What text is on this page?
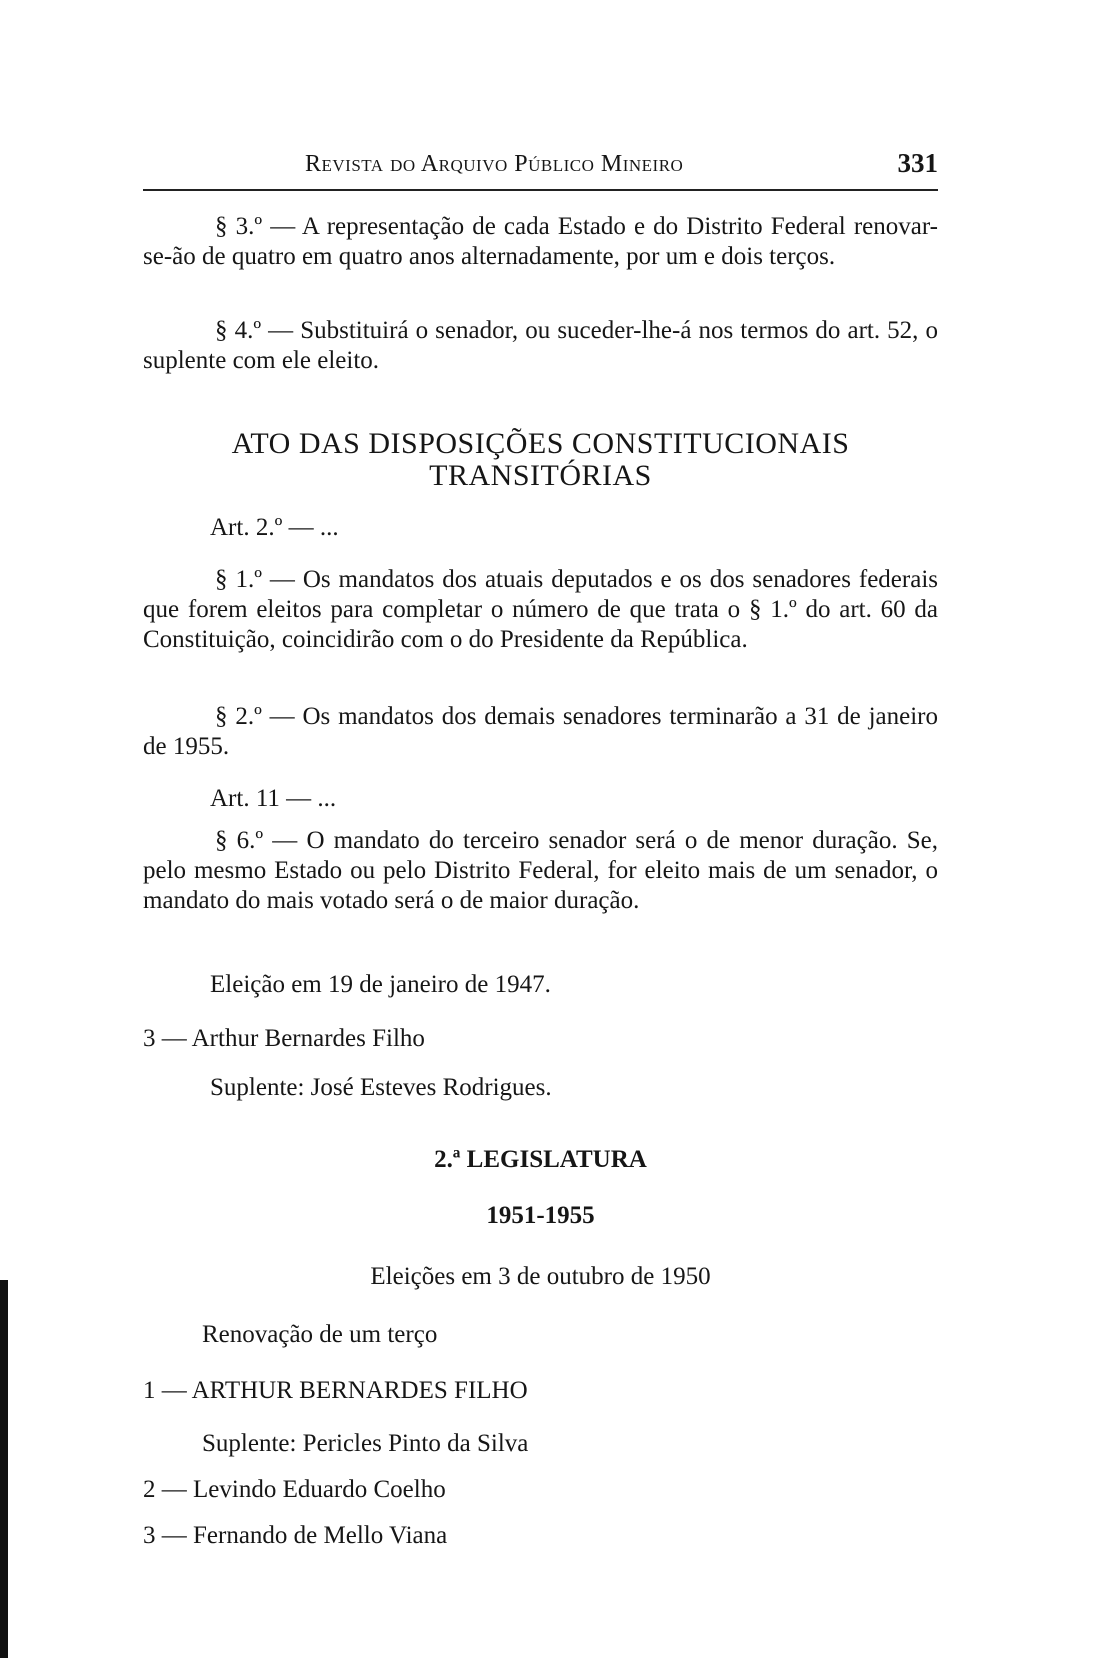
Revista do Arquivo Público Mineiro	331

§ 3.º — A representação de cada Estado e do Distrito Federal renovar-se-ão de quatro em quatro anos alternadamente, por um e dois terços.

§ 4.º — Substituirá o senador, ou suceder-lhe-á nos termos do art. 52, o suplente com ele eleito.

ATO DAS DISPOSIÇÕES CONSTITUCIONAIS

TRANSITÓRIAS

Art. 2.º — ...

§ 1.º — Os mandatos dos atuais deputados e os dos senadores federais que forem eleitos para completar o número de que trata o § 1.º do art. 60 da Constituição, coincidirão com o do Presidente da República.

§ 2.º — Os mandatos dos demais senadores terminarão a 31 de janeiro de 1955.

Art. 11 — ...

§ 6.º — O mandato do terceiro senador será o de menor duração. Se, pelo mesmo Estado ou pelo Distrito Federal, for eleito mais de um senador, o mandato do mais votado será o de maior duração.

Eleição em 19 de janeiro de 1947.

3 — Arthur Bernardes Filho

Suplente: José Esteves Rodrigues.

2.ª LEGISLATURA

1951-1955

Eleições em 3 de outubro de 1950

Renovação de um terço

1 — ARTHUR BERNARDES FILHO

Suplente: Pericles Pinto da Silva

2 — Levindo Eduardo Coelho

3 — Fernando de Mello Viana
